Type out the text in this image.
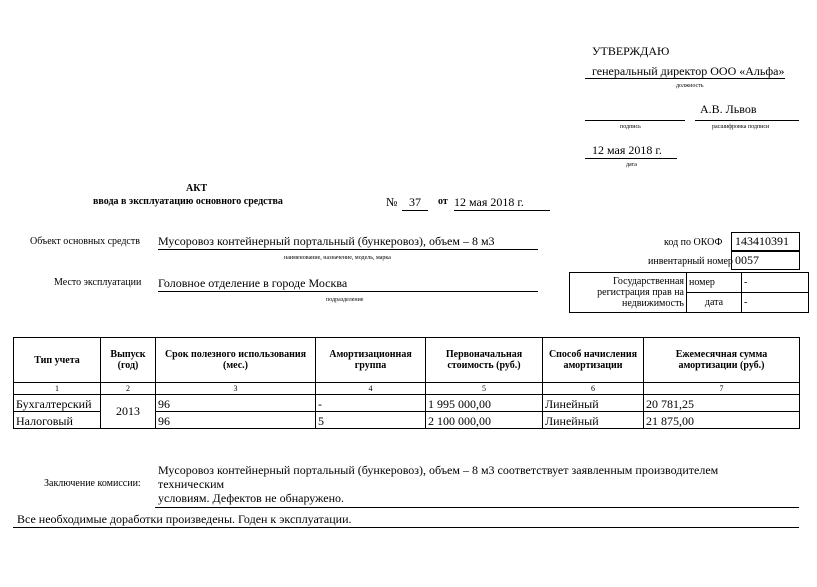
УТВЕРЖДАЮ
генеральный директор ООО «Альфа»
должность
А.В. Львов
подпись	расшифровка подписи
12 мая 2018 г.
дата
АКТ
ввода в эксплуатацию основного средства	№ 37	от 12 мая 2018 г.
Объект основных средств Мусоровоз контейнерный портальный (бункеровоз), объем – 8 м3
наименование, назначение, модель, марка
код по ОКОФ	143410391
инвентарный номер 0057
Место эксплуатации Головное отделение в городе Москва
подразделение
Государственная регистрация прав на недвижимость	номер	-
	дата	-
Тип учета	Выпуск (год)	Срок полезного использования (мес.)	Амортизационная группа	Первоначальная стоимость (руб.)	Способ начисления амортизации	Ежемесячная сумма амортизации (руб.)
1	2	3	4	5	6	7
Бухгалтерский	2013	96	-	1 995 000,00	Линейный	20 781,25
Налоговый		96	5	2 100 000,00	Линейный	21 875,00
Заключение комиссии:
Мусоровоз контейнерный портальный (бункеровоз), объем – 8 м3 соответствует заявленным производителем
техническим
условиям. Дефектов не обнаружено.
Все необходимые доработки произведены. Годен к эксплуатации.
